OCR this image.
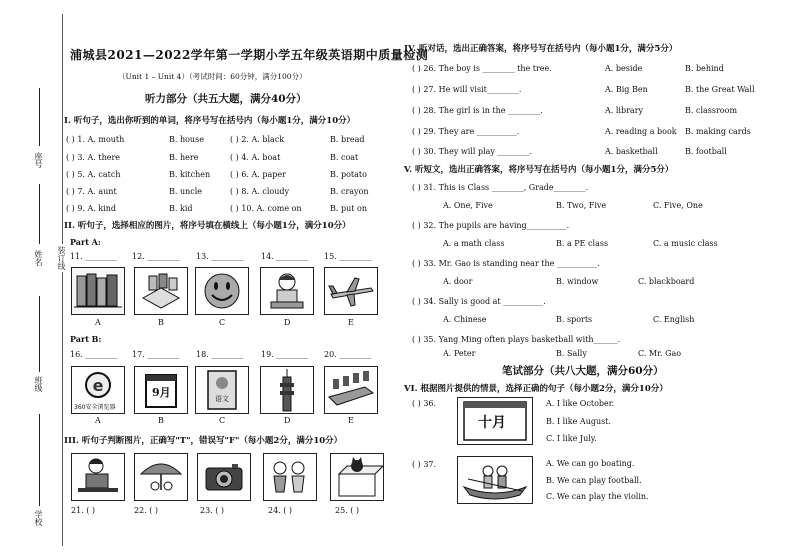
装订线
座号
姓名
班级
学校
浦城县2021—2022学年第一学期小学五年级英语期中质量检测
（Unit 1 – Unit 4）（考试时间：60分钟，满分100分）
听力部分（共五大题，满分40分）
I. 听句子，选出你听到的单词，将序号写在括号内（每小题1分，满分10分）
( ) 1. A. mouth	B. house	( ) 2. A. black	B. bread
( ) 3. A. there	B. here	( ) 4. A. boat	B. coat
( ) 5. A. catch	B. kitchen ( ) 6. A. paper	B. potato
( ) 7. A. aunt	B. uncle	( ) 8. A. cloudy	B. crayon
( ) 9. A. kind	B. kid	( ) 10. A. come on	B. put on
II. 听句子，选择相应的图片，将序号填在横线上（每小题1分，满分10分）
Part A:
11. ________ 12. ________ 13. ________ 14. ________ 15. ________
A	B	C	D	E
Part B:
16. ________ 17. ________ 18. ________ 19. ________ 20. ________
e
360安全浏览器
9月	语文
A	B	C	D	E
III. 听句子判断图片，正确写"T"，错误写"F"（每小题2分，满分10分）
21. ( )	22. ( )	23. ( )	24. ( )	25. ( )
IV. 听对话，选出正确答案，将序号写在括号内（每小题1分，满分5分）
( ) 26. The boy is ________ the tree.	A. beside	B. behind
( ) 27. He will visit________.	A. Big Ben	B. the Great Wall
( ) 28. The girl is in the ________.	A. library	B. classroom
( ) 29. They are __________.	A. reading a book B. making cards
( ) 30. They will play ________.	A. basketball	B. football
V. 听短文，选出正确答案，将序号写在括号内（每小题1分，满分5分）
( ) 31. This is Class ________, Grade________.
A. One, Five	B. Two, Five	C. Five, One
( ) 32. The pupils are having__________.
A. a math class	B. a PE class	C. a music class
( ) 33. Mr. Gao is standing near the __________.
A. door	B. window	C. blackboard
( ) 34. Sally is good at __________.
A. Chinese	B. sports	C. English
( ) 35. Yang Ming often plays basketball with______.
A. Peter	B. Sally	C. Mr. Gao
笔试部分（共八大题，满分60分）
VI. 根据图片提供的情景，选择正确的句子（每小题2分，满分10分）
( ) 36.
十月
A. I like October.
B. I like August.
C. I like July.
( ) 37.	A. We can go boating.
B. We can play football.
C. We can play the violin.
